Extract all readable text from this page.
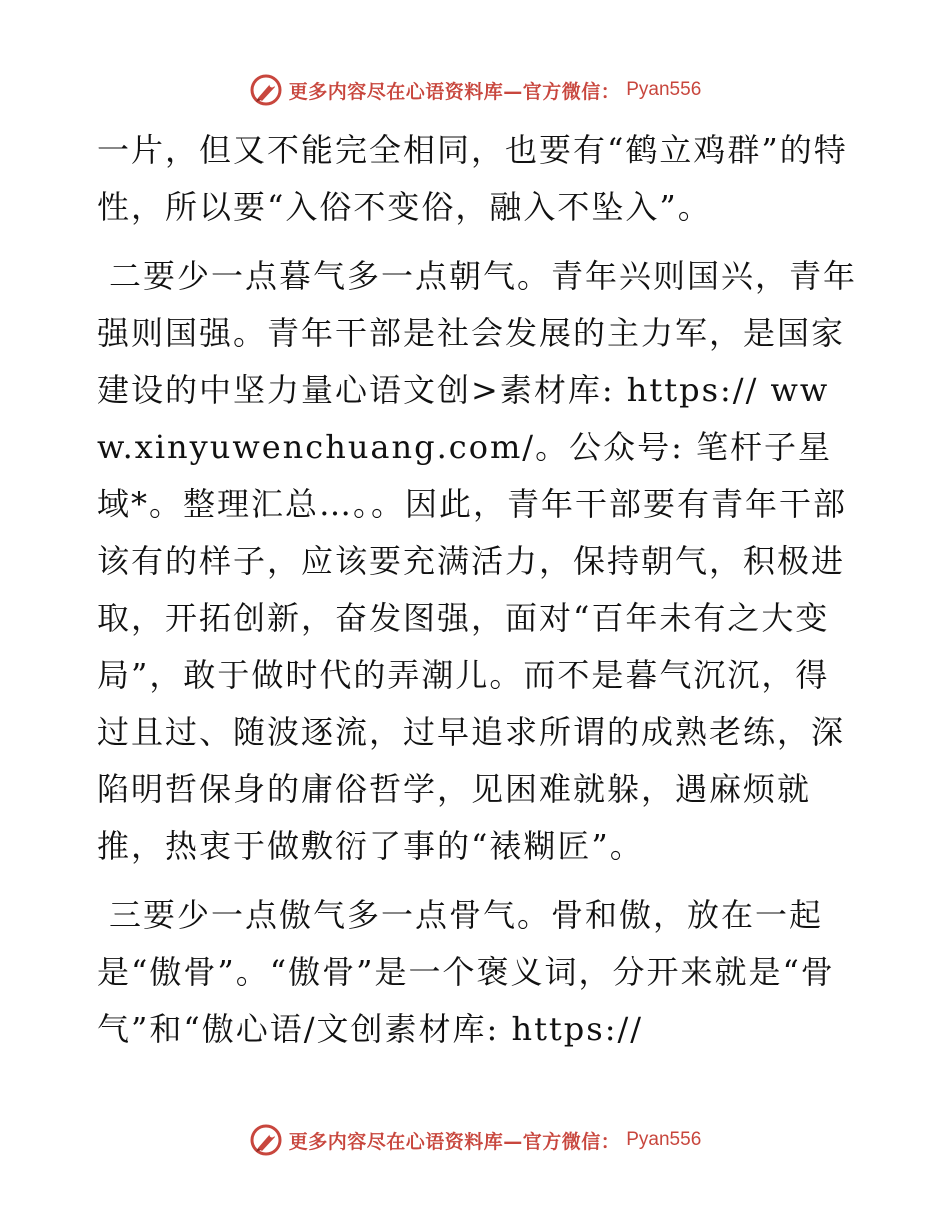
更多内容尽在心语资料库—官方微信： Pyan556

一片，但又不能完全相同，也要有“鹤立鸡群”的特性，所以要“入俗不变俗，融入不坠入”。

二要少一点暮气多一点朝气。青年兴则国兴，青年强则国强。青年干部是社会发展的主力军，是国家建设的中坚力量心语文创>素材库: https:// www.xinyuwenchuang.com/。公众号: 笔杆子星域*。整理汇总…。。因此，青年干部要有青年干部该有的样子，应该要充满活力，保持朝气，积极进取，开拓创新，奋发图强，面对“百年未有之大变局”，敢于做时代的弄潮儿。而不是暮气沉沉，得过且过、随波逐流，过早追求所谓的成熟老练，深陷明哲保身的庸俗哲学，见困难就躲，遇麻烦就推，热衷于做敷衍了事的“裱糊匠”。

三要少一点傲气多一点骨气。骨和傲，放在一起是“傲骨”。“傲骨”是一个褒义词，分开来就是“骨气”和“傲心语/文创素材库: https://

更多内容尽在心语资料库—官方微信： Pyan556
